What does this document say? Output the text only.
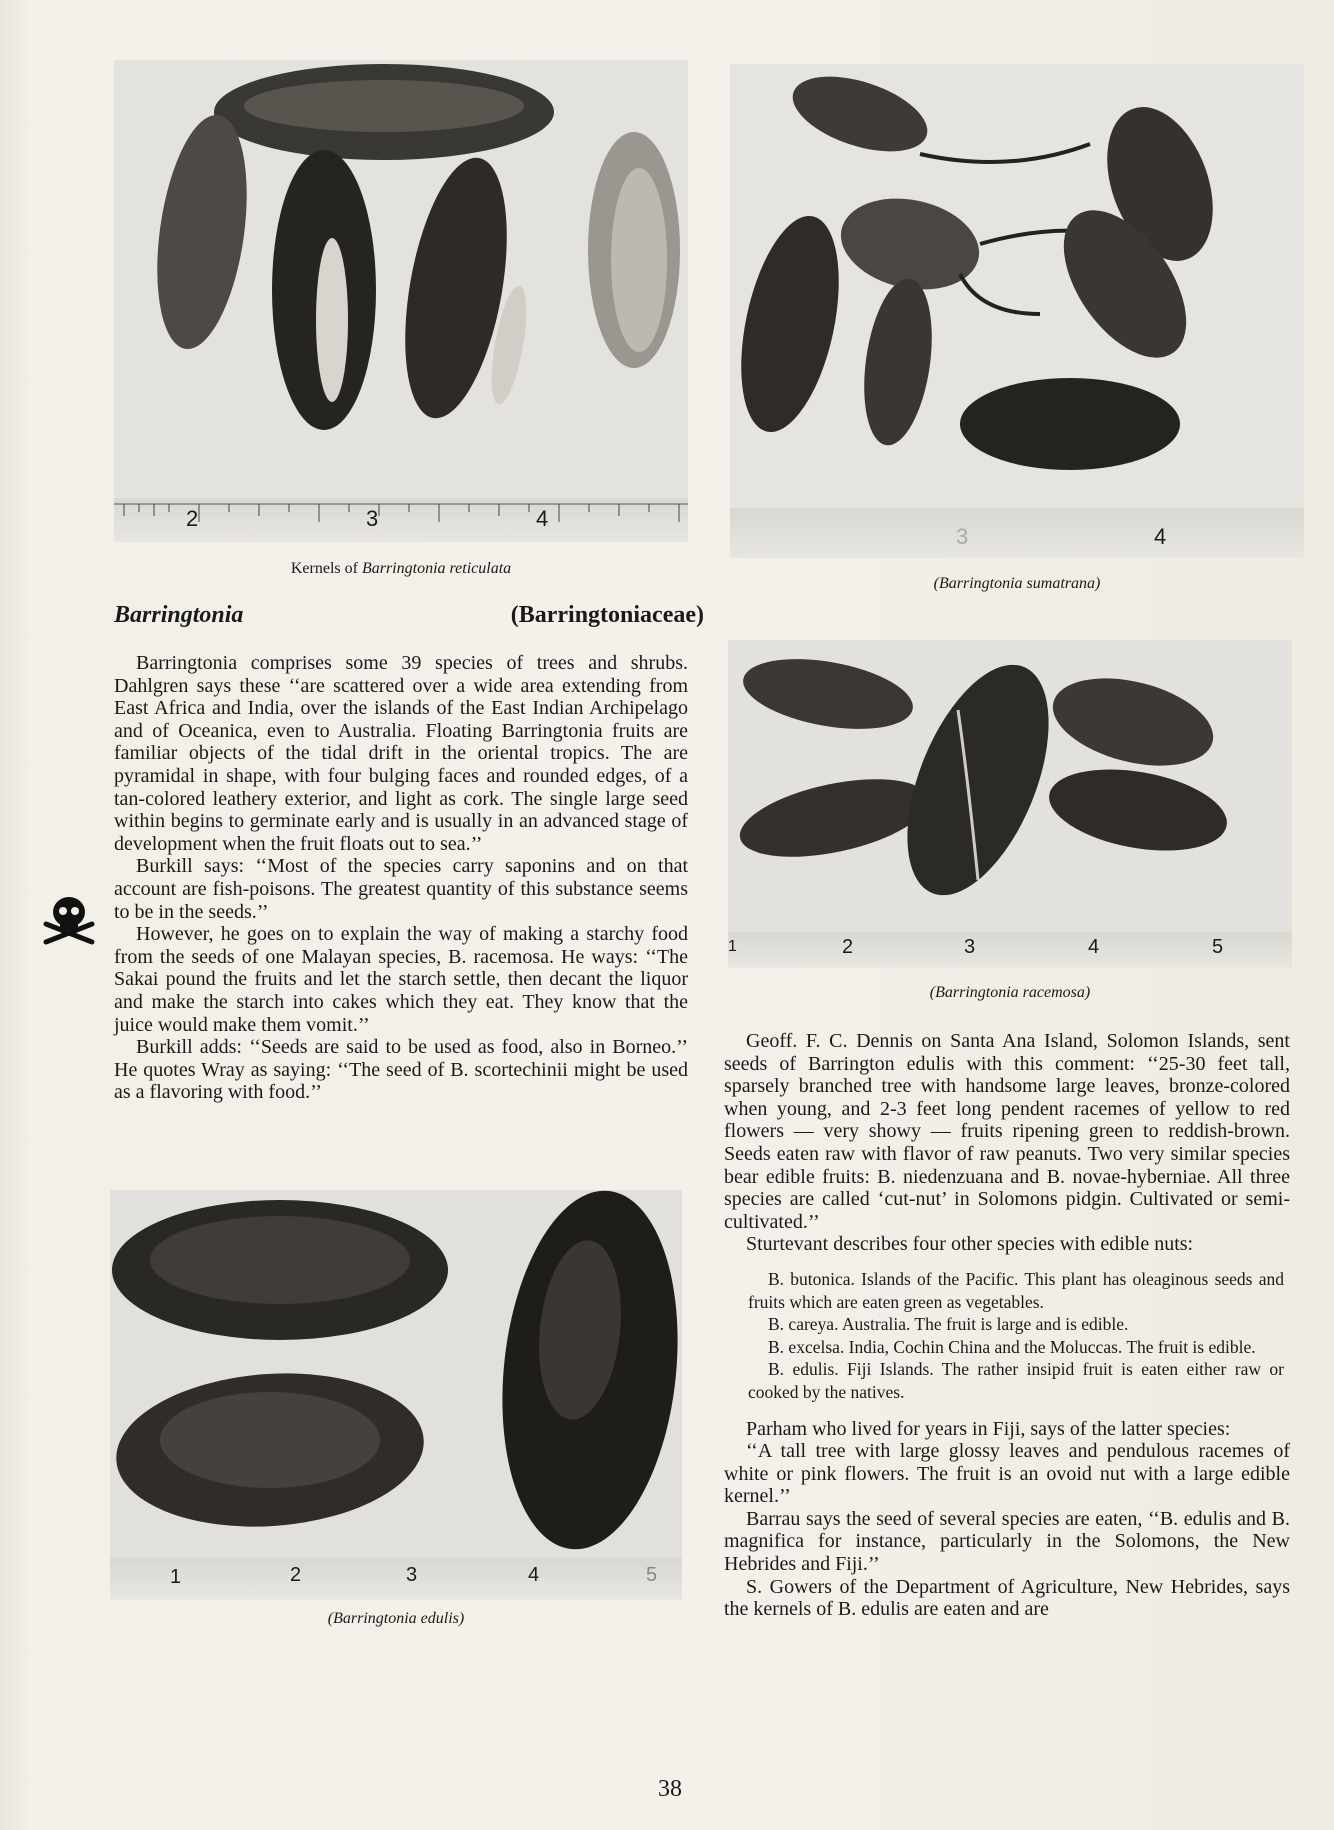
2	3	4
Kernels of Barringtonia reticulata
3	4
(Barringtonia sumatrana)
Barringtonia	(Barringtoniaceae)

Barringtonia comprises some 39 species of trees and shrubs. Dahlgren says these ‘‘are scattered over a wide area extending from East Africa and India, over the islands of the East Indian Archipelago and of Oceanica, even to Australia. Floating Barringtonia fruits are familiar objects of the tidal drift in the oriental tropics. The are pyramidal in shape, with four bulging faces and rounded edges, of a tan-colored leathery exterior, and light as cork. The single large seed within begins to germinate early and is usually in an advanced stage of development when the fruit floats out to sea.’’

Burkill says: ‘‘Most of the species carry saponins and on that account are fish-poisons. The greatest quantity of this substance seems to be in the seeds.’’

However, he goes on to explain the way of making a starchy food from the seeds of one Malayan species, B. racemosa. He ways: ‘‘The Sakai pound the fruits and let the starch settle, then decant the liquor and make the starch into cakes which they eat. They know that the juice would make them vomit.’’

Burkill adds: ‘‘Seeds are said to be used as food, also in Borneo.’’ He quotes Wray as saying: ‘‘The seed of B. scortechinii might be used as a flavoring with food.’’

1	2	3	4	5
(Barringtonia racemosa)

Geoff. F. C. Dennis on Santa Ana Island, Solomon Islands, sent seeds of Barrington edulis with this comment: ‘‘25-30 feet tall, sparsely branched tree with handsome large leaves, bronze-colored when young, and 2-3 feet long pendent racemes of yellow to red flowers — very showy — fruits ripening green to reddish-brown. Seeds eaten raw with flavor of raw peanuts. Two very similar species bear edible fruits: B. niedenzuana and B. novae-hyberniae. All three species are called ‘cut-nut’ in Solomons pidgin. Cultivated or semi-cultivated.’’

Sturtevant describes four other species with edible nuts:

B. butonica. Islands of the Pacific. This plant has oleaginous seeds and fruits which are eaten green as vegetables.

B. careya. Australia. The fruit is large and is edible.

B. excelsa. India, Cochin China and the Moluccas. The fruit is edible.

B. edulis. Fiji Islands. The rather insipid fruit is eaten either raw or cooked by the natives.

Parham who lived for years in Fiji, says of the latter species:

‘‘A tall tree with large glossy leaves and pendulous racemes of white or pink flowers. The fruit is an ovoid nut with a large edible kernel.’’

Barrau says the seed of several species are eaten, ‘‘B. edulis and B. magnifica for instance, particularly in the Solomons, the New Hebrides and Fiji.’’

S. Gowers of the Department of Agriculture, New Hebrides, says the kernels of B. edulis are eaten and are

1	2	3	4	5
(Barringtonia edulis)
38
